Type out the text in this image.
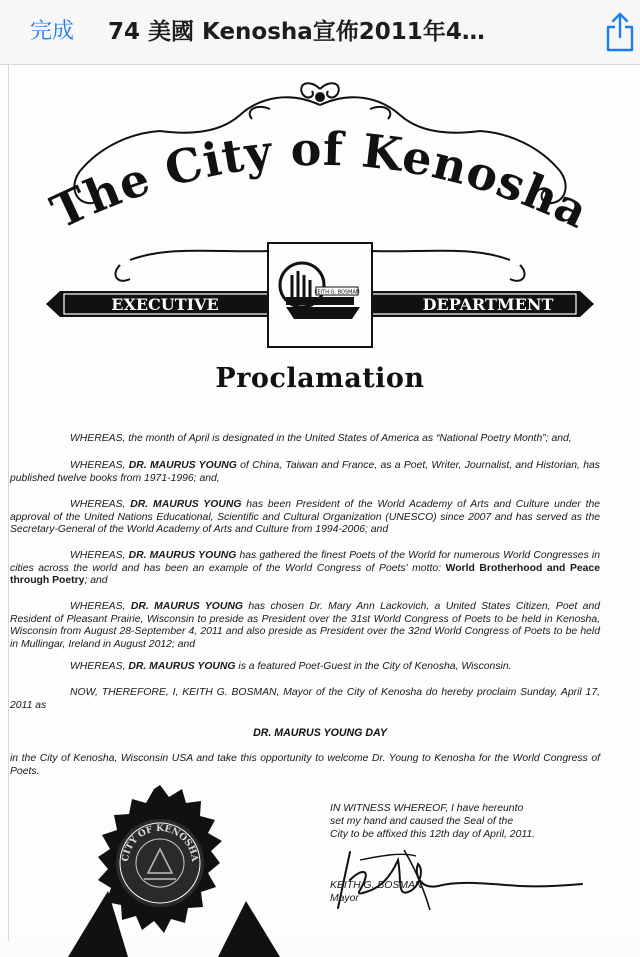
完成 74 美國 Kenosha宣佈2011年4…
The City of Kenosha
EXECUTIVE	DEPARTMENT
KEITH G. BOSMAN
Proclamation
WHEREAS, the month of April is designated in the United States of America as “National Poetry Month”; and,
WHEREAS, DR. MAURUS YOUNG of China, Taiwan and France, as a Poet, Writer, Journalist, and Historian, has published twelve books from 1971-1996; and,
WHEREAS, DR. MAURUS YOUNG has been President of the World Academy of Arts and Culture under the approval of the United Nations Educational, Scientific and Cultural Organization (UNESCO) since 2007 and has served as the Secretary-General of the World Academy of Arts and Culture from 1994-2006; and
WHEREAS, DR. MAURUS YOUNG has gathered the finest Poets of the World for numerous World Congresses in cities across the world and has been an example of the World Congress of Poets' motto: World Brotherhood and Peace through Poetry; and
WHEREAS, DR. MAURUS YOUNG has chosen Dr. Mary Ann Lackovich, a United States Citizen, Poet and Resident of Pleasant Prairie, Wisconsin to preside as President over the 31st World Congress of Poets to be held in Kenosha, Wisconsin from August 28-September 4, 2011 and also preside as President over the 32nd World Congress of Poets to be held in Mullingar, Ireland in August 2012; and
WHEREAS, DR. MAURUS YOUNG is a featured Poet-Guest in the City of Kenosha, Wisconsin.
NOW, THEREFORE, I, KEITH G. BOSMAN, Mayor of the City of Kenosha do hereby proclaim Sunday, April 17, 2011 as
DR. MAURUS YOUNG DAY
in the City of Kenosha, Wisconsin USA and take this opportunity to welcome Dr. Young to Kenosha for the World Congress of Poets.
CITY OF KENOSHA
IN WITNESS WHEREOF, I have hereunto
set my hand and caused the Seal of the
City to be affixed this 12th day of April, 2011.
KEITH G. BOSMAN
Mayor
